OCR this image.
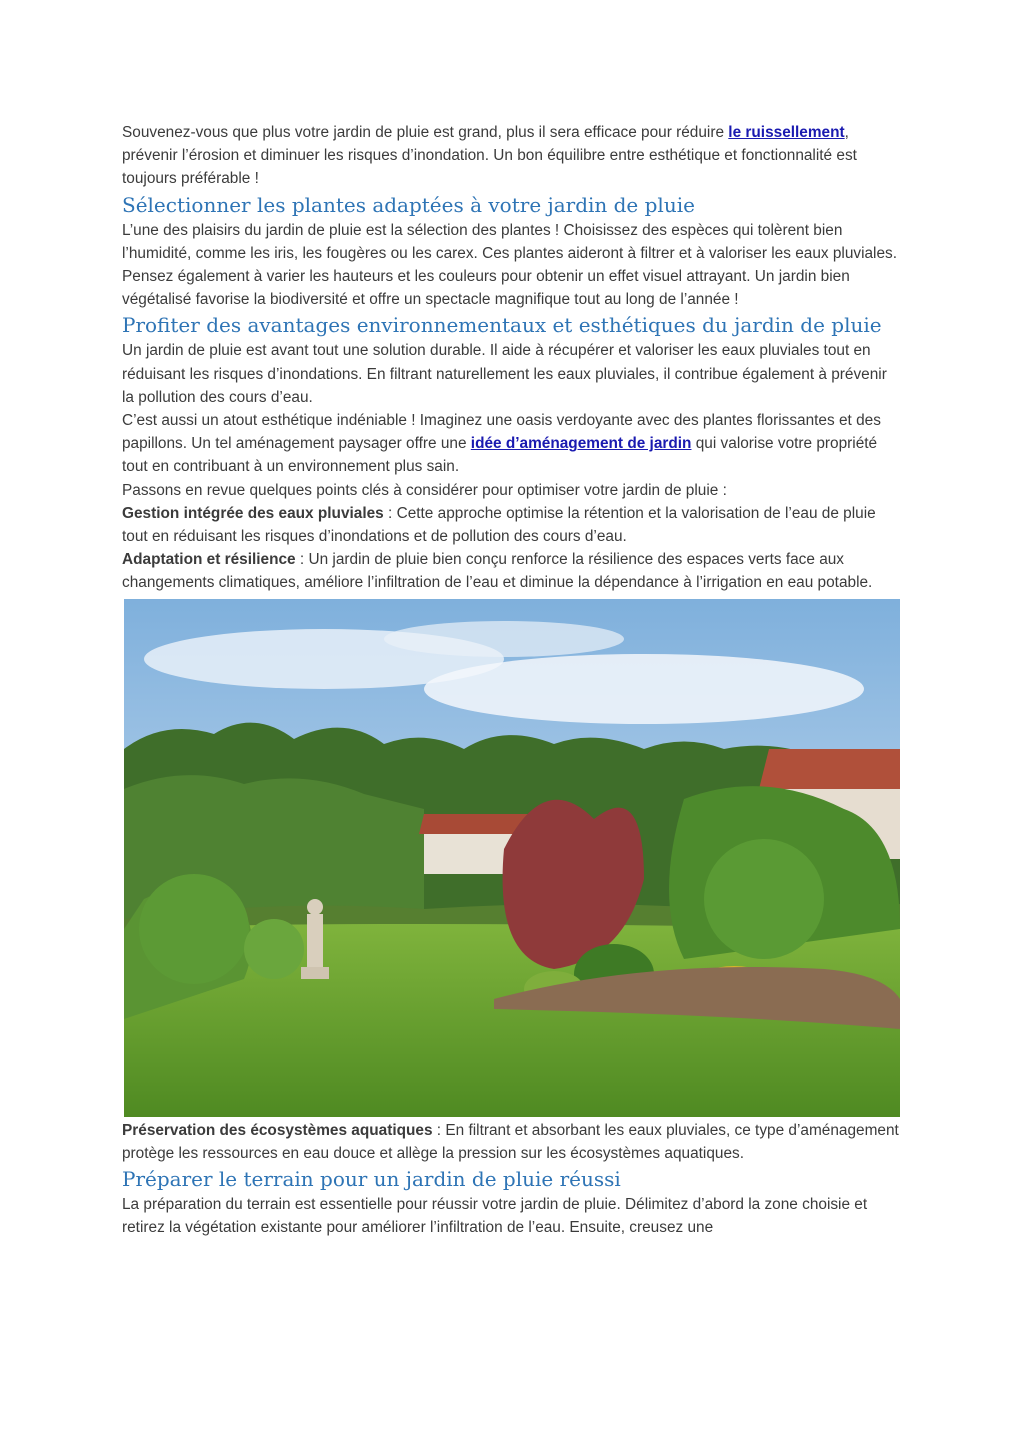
Souvenez-vous que plus votre jardin de pluie est grand, plus il sera efficace pour réduire le ruissellement, prévenir l’érosion et diminuer les risques d’inondation. Un bon équilibre entre esthétique et fonctionnalité est toujours préférable !

Sélectionner les plantes adaptées à votre jardin de pluie

L’une des plaisirs du jardin de pluie est la sélection des plantes ! Choisissez des espèces qui tolèrent bien l’humidité, comme les iris, les fougères ou les carex. Ces plantes aideront à filtrer et à valoriser les eaux pluviales.

Pensez également à varier les hauteurs et les couleurs pour obtenir un effet visuel attrayant. Un jardin bien végétalisé favorise la biodiversité et offre un spectacle magnifique tout au long de l’année !

Profiter des avantages environnementaux et esthétiques du jardin de pluie

Un jardin de pluie est avant tout une solution durable. Il aide à récupérer et valoriser les eaux pluviales tout en réduisant les risques d’inondations. En filtrant naturellement les eaux pluviales, il contribue également à prévenir la pollution des cours d’eau.

C’est aussi un atout esthétique indéniable ! Imaginez une oasis verdoyante avec des plantes florissantes et des papillons. Un tel aménagement paysager offre une idée d’aménagement de jardin qui valorise votre propriété tout en contribuant à un environnement plus sain.

Passons en revue quelques points clés à considérer pour optimiser votre jardin de pluie :

Gestion intégrée des eaux pluviales : Cette approche optimise la rétention et la valorisation de l’eau de pluie tout en réduisant les risques d’inondations et de pollution des cours d’eau.

Adaptation et résilience : Un jardin de pluie bien conçu renforce la résilience des espaces verts face aux changements climatiques, améliore l’infiltration de l’eau et diminue la dépendance à l’irrigation en eau potable.

Préservation des écosystèmes aquatiques : En filtrant et absorbant les eaux pluviales, ce type d’aménagement protège les ressources en eau douce et allège la pression sur les écosystèmes aquatiques.

Préparer le terrain pour un jardin de pluie réussi

La préparation du terrain est essentielle pour réussir votre jardin de pluie. Délimitez d’abord la zone choisie et retirez la végétation existante pour améliorer l’infiltration de l’eau. Ensuite, creusez une
